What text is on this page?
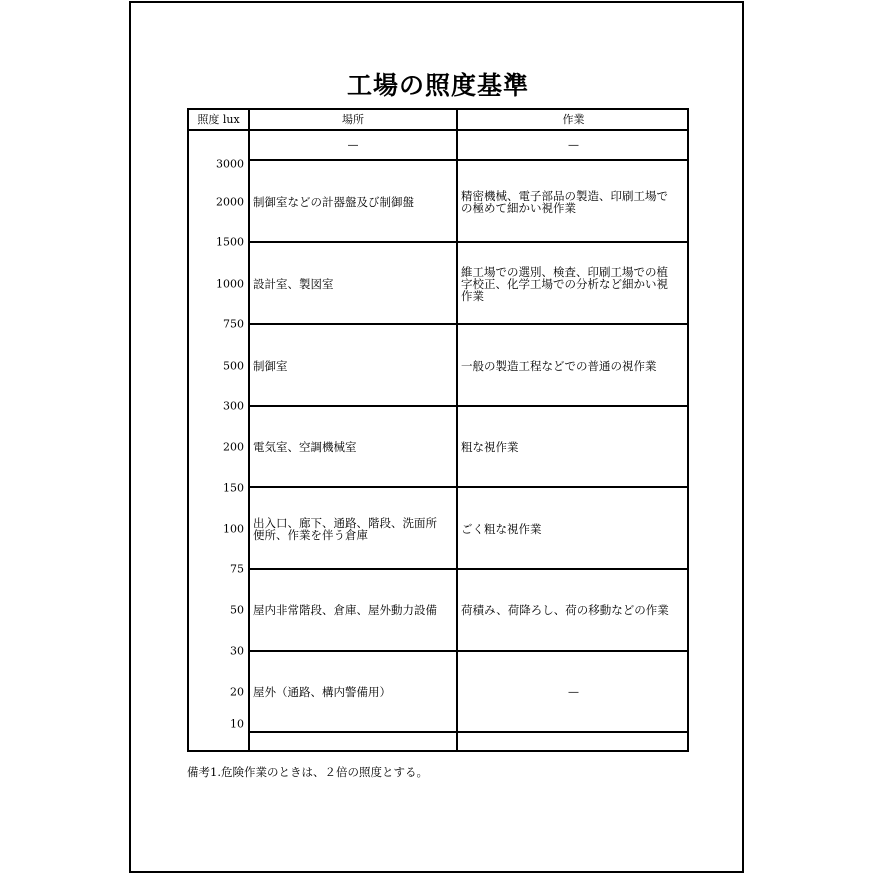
工場の照度基準
照度 lux	場所	作業
3000
2000
1500
1000
750
500
300
200
150
100
75
50
30
20
10
—
制御室などの計器盤及び制御盤
設計室、製図室
制御室
電気室、空調機械室
出入口、廊下、通路、階段、洗面所
便所、作業を伴う倉庫
屋内非常階段、倉庫、屋外動力設備
屋外（通路、構内警備用）
—
精密機械、電子部品の製造、印刷工場で
の極めて細かい視作業
維工場での選別、検査、印刷工場での植
字校正、化学工場での分析など細かい視
作業
一般の製造工程などでの普通の視作業
粗な視作業
ごく粗な視作業
荷積み、荷降ろし、荷の移動などの作業
—
備考1.危険作業のときは、２倍の照度とする。
